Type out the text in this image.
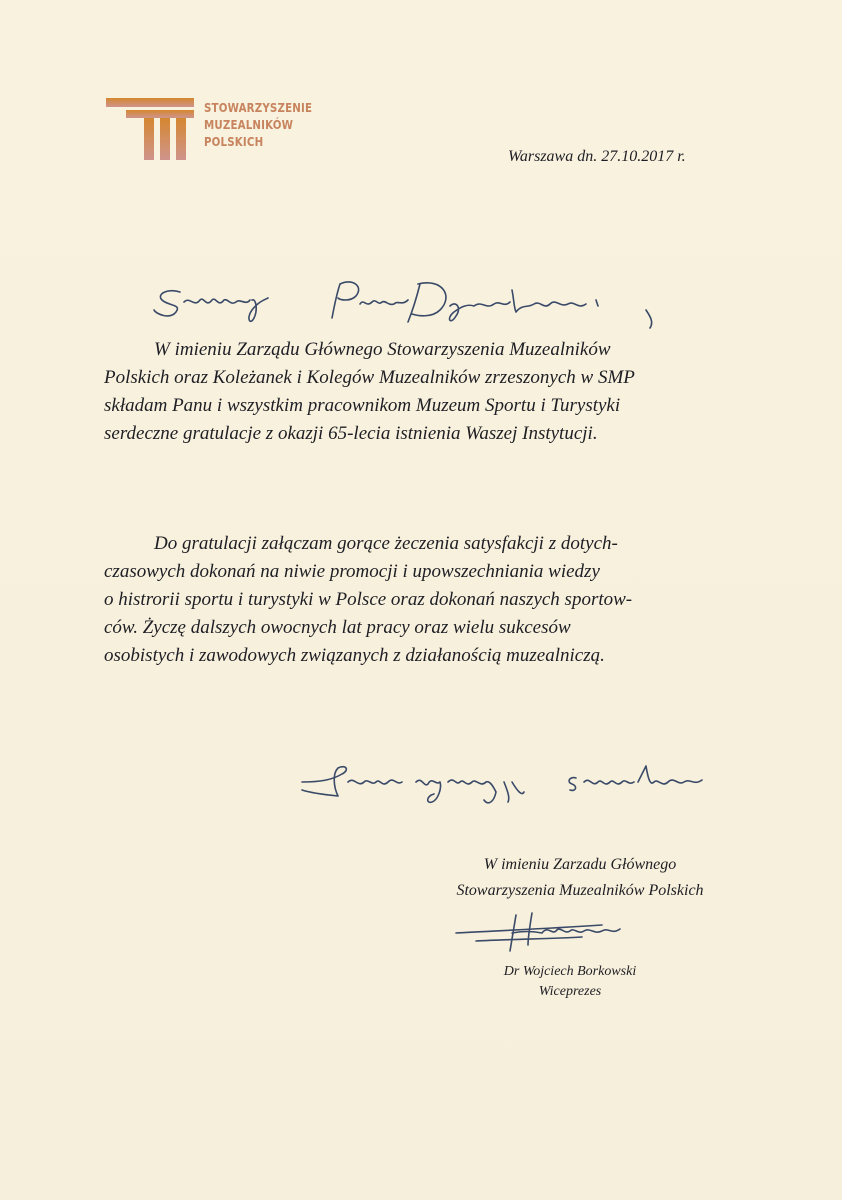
STOWARZYSZENIE
MUZEALNIKÓW
POLSKICH
Warszawa dn. 27.10.2017 r.
W imieniu Zarządu Głównego Stowarzyszenia Muzealników
Polskich oraz Koleżanek i Kolegów Muzealników zrzeszonych w SMP
składam Panu i wszystkim pracownikom Muzeum Sportu i Turystyki
serdeczne gratulacje z okazji 65-lecia istnienia Waszej Instytucji.
Do gratulacji załączam gorące żeczenia satysfakcji z dotych-
czasowych dokonań na niwie promocji i upowszechniania wiedzy
o histrorii sportu i turystyki w Polsce oraz dokonań naszych sportow-
ców. Życzę dalszych owocnych lat pracy oraz wielu sukcesów
osobistych i zawodowych związanych z działanością muzealniczą.
W imieniu Zarzadu Głównego
Stowarzyszenia Muzealników Polskich
Dr Wojciech Borkowski
Wiceprezes
